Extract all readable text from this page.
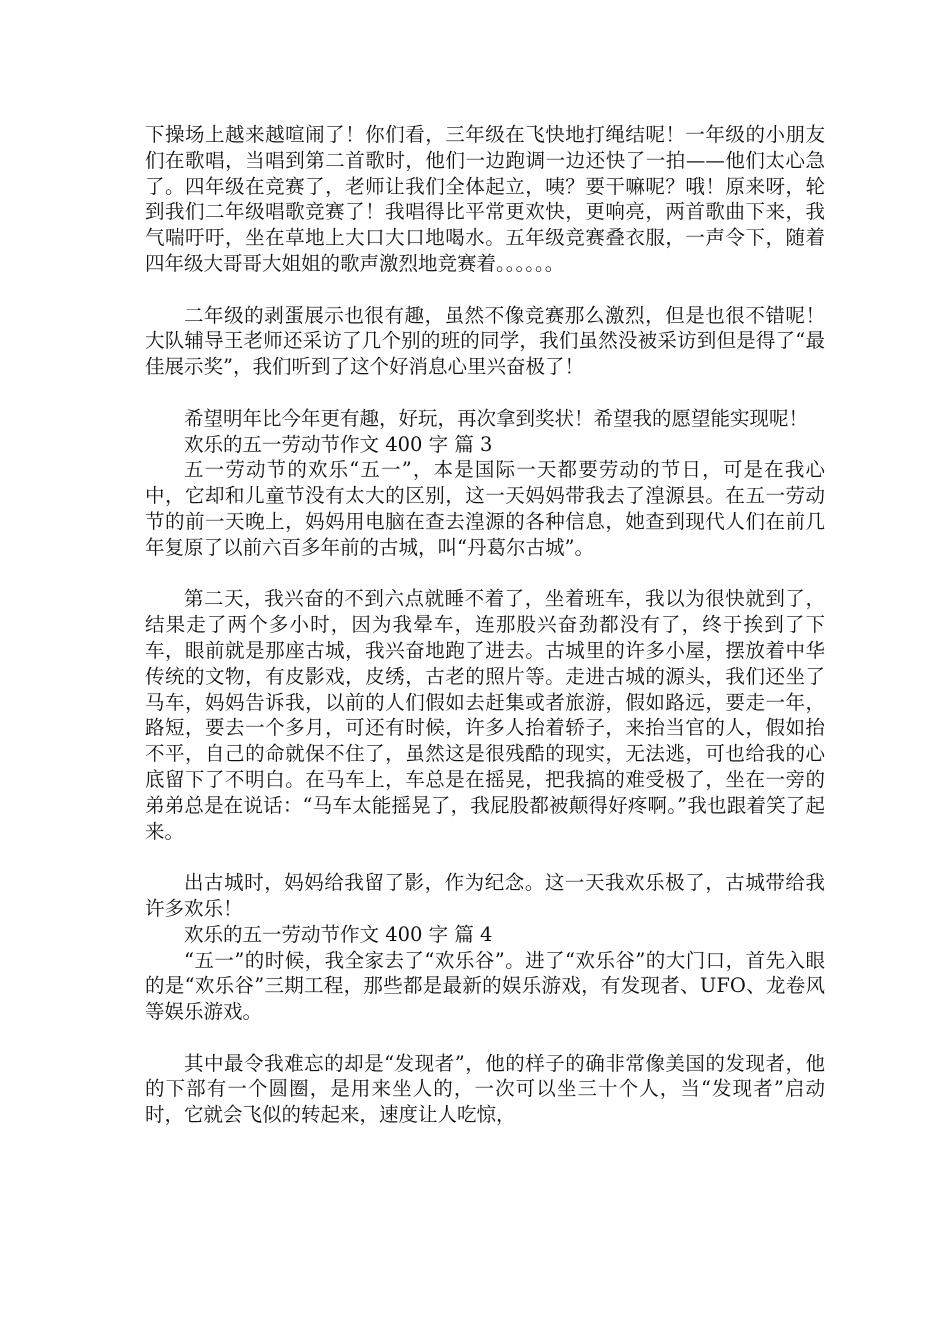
下操场上越来越喧闹了！你们看，三年级在飞快地打绳结呢！一年级的小朋友们在歌唱，当唱到第二首歌时，他们一边跑调一边还快了一拍——他们太心急了。四年级在竞赛了，老师让我们全体起立，咦？要干嘛呢？哦！原来呀，轮到我们二年级唱歌竞赛了！我唱得比平常更欢快，更响亮，两首歌曲下来，我气喘吁吁，坐在草地上大口大口地喝水。五年级竞赛叠衣服，一声令下，随着四年级大哥哥大姐姐的歌声激烈地竞赛着。。。。。。

二年级的剥蛋展示也很有趣，虽然不像竞赛那么激烈，但是也很不错呢！大队辅导王老师还采访了几个别的班的同学，我们虽然没被采访到但是得了“最佳展示奖”，我们听到了这个好消息心里兴奋极了！

希望明年比今年更有趣，好玩，再次拿到奖状！希望我的愿望能实现呢！

欢乐的五一劳动节作文 400 字 篇 3

五一劳动节的欢乐“五一”，本是国际一天都要劳动的节日，可是在我心中，它却和儿童节没有太大的区别，这一天妈妈带我去了湟源县。在五一劳动节的前一天晚上，妈妈用电脑在查去湟源的各种信息，她查到现代人们在前几年复原了以前六百多年前的古城，叫“丹葛尔古城”。

第二天，我兴奋的不到六点就睡不着了，坐着班车，我以为很快就到了，结果走了两个多小时，因为我晕车，连那股兴奋劲都没有了，终于挨到了下车，眼前就是那座古城，我兴奋地跑了进去。古城里的许多小屋，摆放着中华传统的文物，有皮影戏，皮绣，古老的照片等。走进古城的源头，我们还坐了马车，妈妈告诉我，以前的人们假如去赶集或者旅游，假如路远，要走一年，路短，要去一个多月，可还有时候，许多人抬着轿子，来抬当官的人，假如抬不平，自己的命就保不住了，虽然这是很残酷的现实，无法逃，可也给我的心底留下了不明白。在马车上，车总是在摇晃，把我搞的难受极了，坐在一旁的弟弟总是在说话：“马车太能摇晃了，我屁股都被颠得好疼啊。”我也跟着笑了起来。

出古城时，妈妈给我留了影，作为纪念。这一天我欢乐极了，古城带给我许多欢乐！

欢乐的五一劳动节作文 400 字 篇 4

“五一”的时候，我全家去了“欢乐谷”。进了“欢乐谷”的大门口，首先入眼的是“欢乐谷”三期工程，那些都是最新的娱乐游戏，有发现者、UFO、龙卷风等娱乐游戏。

其中最令我难忘的却是“发现者”，他的样子的确非常像美国的发现者，他的下部有一个圆圈，是用来坐人的，一次可以坐三十个人，当“发现者”启动时，它就会飞似的转起来，速度让人吃惊，
